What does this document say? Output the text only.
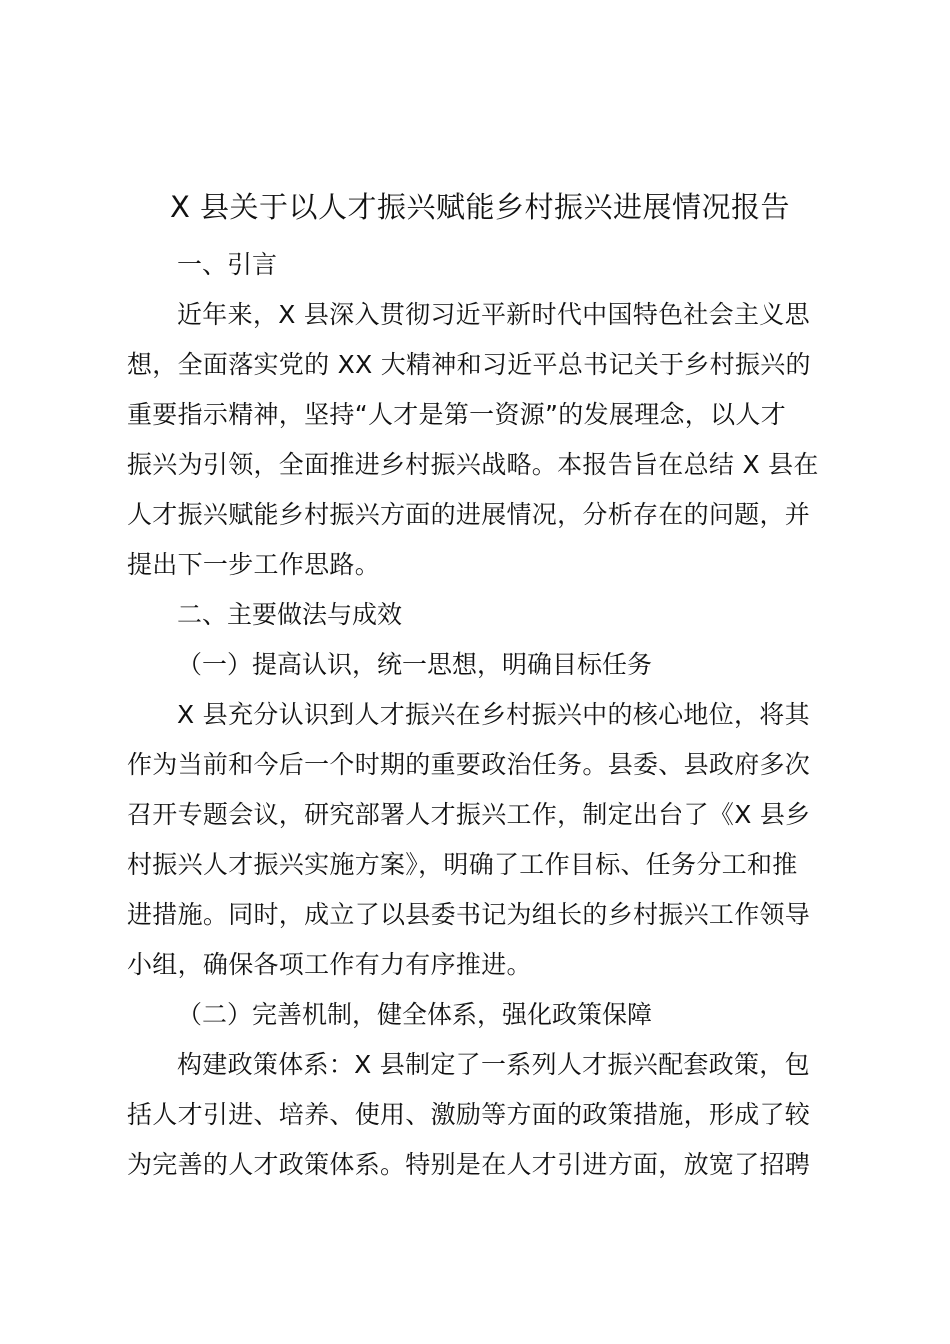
X 县关于以人才振兴赋能乡村振兴进展情况报告

一、引言

近年来，X 县深入贯彻习近平新时代中国特色社会主义思
想，全面落实党的 XX 大精神和习近平总书记关于乡村振兴的
重要指示精神，坚持“人才是第一资源”的发展理念，以人才
振兴为引领，全面推进乡村振兴战略。本报告旨在总结 X 县在
人才振兴赋能乡村振兴方面的进展情况，分析存在的问题，并
提出下一步工作思路。

二、主要做法与成效

（一）提高认识，统一思想，明确目标任务

X 县充分认识到人才振兴在乡村振兴中的核心地位，将其
作为当前和今后一个时期的重要政治任务。县委、县政府多次
召开专题会议，研究部署人才振兴工作，制定出台了《X 县乡
村振兴人才振兴实施方案》，明确了工作目标、任务分工和推
进措施。同时，成立了以县委书记为组长的乡村振兴工作领导
小组，确保各项工作有力有序推进。

（二）完善机制，健全体系，强化政策保障

构建政策体系：X 县制定了一系列人才振兴配套政策，包
括人才引进、培养、使用、激励等方面的政策措施，形成了较
为完善的人才政策体系。特别是在人才引进方面，放宽了招聘
